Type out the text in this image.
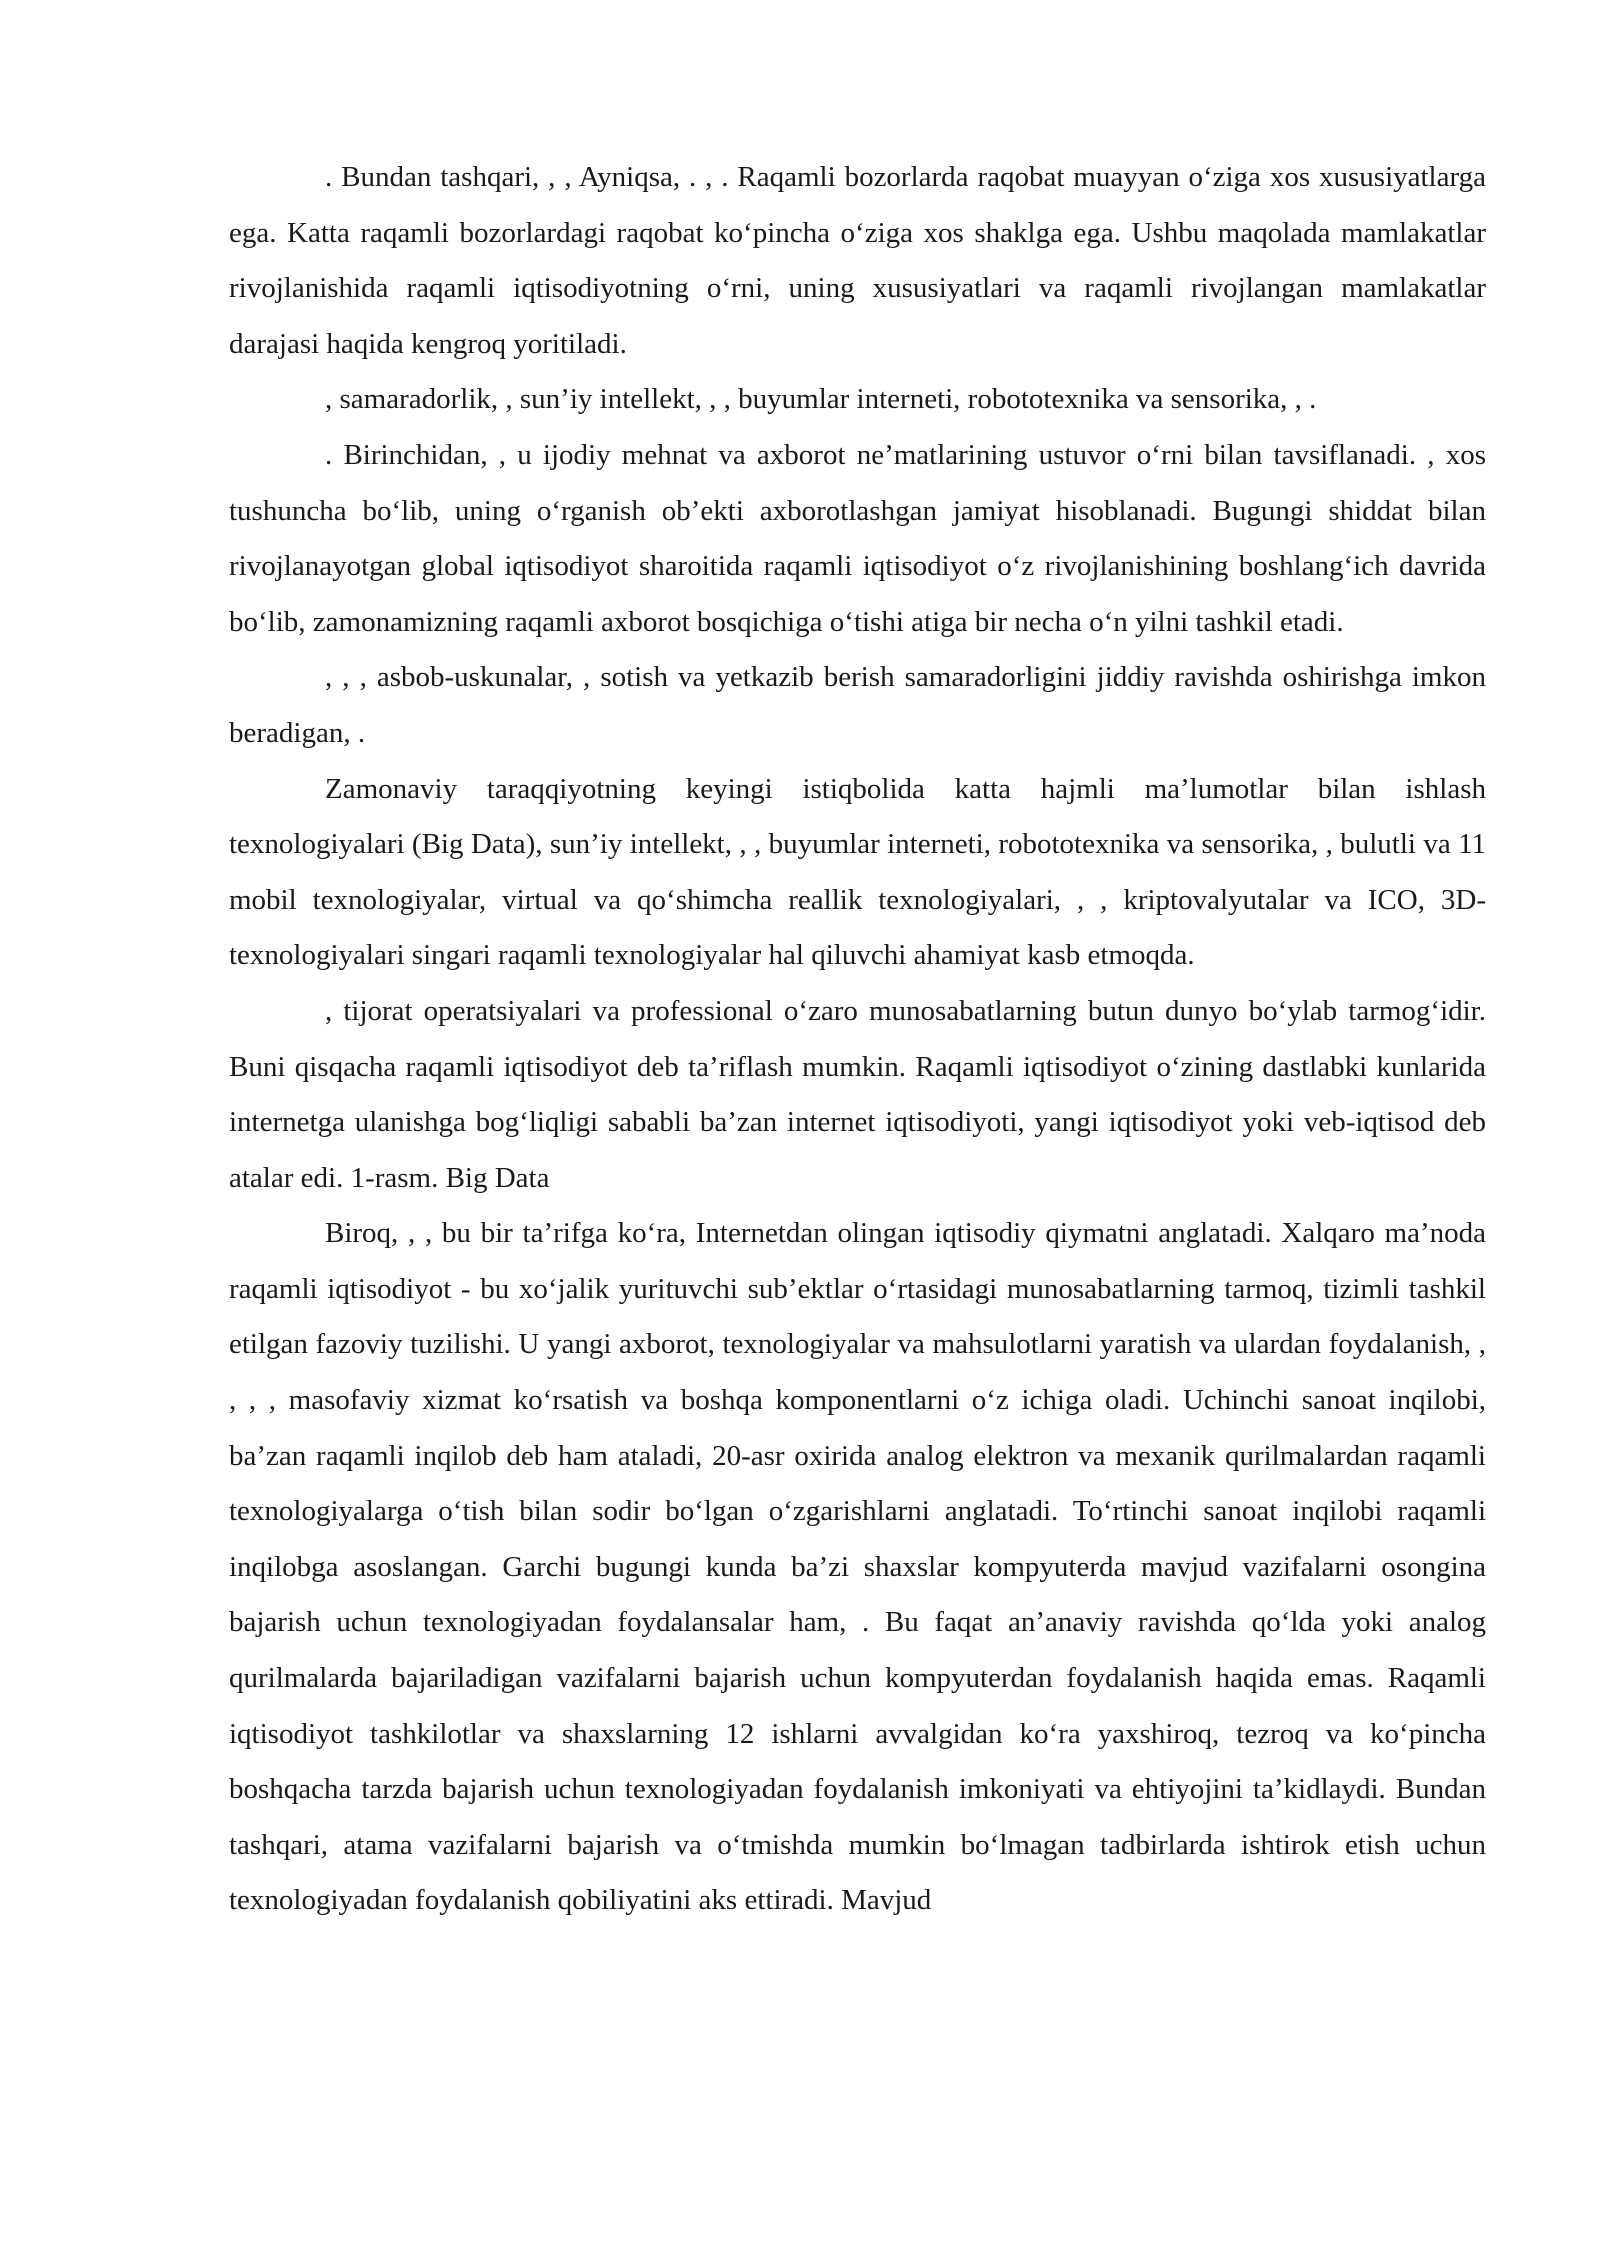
. Bundan tashqari, , , Ayniqsa, . , . Raqamli bozorlarda raqobat muayyan o‘ziga xos xususiyatlarga ega. Katta raqamli bozorlardagi raqobat ko‘pincha o‘ziga xos shaklga ega. Ushbu maqolada mamlakatlar rivojlanishida raqamli iqtisodiyotning o‘rni, uning xususiyatlari va raqamli rivojlangan mamlakatlar darajasi haqida kengroq yoritiladi.

, samaradorlik, , sun’iy intellekt, , , buyumlar interneti, robototexnika va sensorika, , .

. Birinchidan, , u ijodiy mehnat va axborot ne’matlarining ustuvor o‘rni bilan tavsiflanadi. , xos tushuncha bo‘lib, uning o‘rganish ob’ekti axborotlashgan jamiyat hisoblanadi. Bugungi shiddat bilan rivojlanayotgan global iqtisodiyot sharoitida raqamli iqtisodiyot o‘z rivojlanishining boshlang‘ich davrida bo‘lib, zamonamizning raqamli axborot bosqichiga o‘tishi atiga bir necha o‘n yilni tashkil etadi.

, , , asbob-uskunalar, , sotish va yetkazib berish samaradorligini jiddiy ravishda oshirishga imkon beradigan, .

Zamonaviy taraqqiyotning keyingi istiqbolida katta hajmli ma’lumotlar bilan ishlash texnologiyalari (Big Data), sun’iy intellekt, , , buyumlar interneti, robototexnika va sensorika, , bulutli va 11 mobil texnologiyalar, virtual va qo‘shimcha reallik texnologiyalari, , , kriptovalyutalar va ICO, 3D-texnologiyalari singari raqamli texnologiyalar hal qiluvchi ahamiyat kasb etmoqda.

, tijorat operatsiyalari va professional o‘zaro munosabatlarning butun dunyo bo‘ylab tarmog‘idir. Buni qisqacha raqamli iqtisodiyot deb ta’riflash mumkin. Raqamli iqtisodiyot o‘zining dastlabki kunlarida internetga ulanishga bog‘liqligi sababli ba’zan internet iqtisodiyoti, yangi iqtisodiyot yoki veb-iqtisod deb atalar edi. 1-rasm. Big Data

Biroq, , , bu bir ta’rifga ko‘ra, Internetdan olingan iqtisodiy qiymatni anglatadi. Xalqaro ma’noda raqamli iqtisodiyot - bu xo‘jalik yurituvchi sub’ektlar o‘rtasidagi munosabatlarning tarmoq, tizimli tashkil etilgan fazoviy tuzilishi. U yangi axborot, texnologiyalar va mahsulotlarni yaratish va ulardan foydalanish, , , , , masofaviy xizmat ko‘rsatish va boshqa komponentlarni o‘z ichiga oladi. Uchinchi sanoat inqilobi, ba’zan raqamli inqilob deb ham ataladi, 20-asr oxirida analog elektron va mexanik qurilmalardan raqamli texnologiyalarga o‘tish bilan sodir bo‘lgan o‘zgarishlarni anglatadi. To‘rtinchi sanoat inqilobi raqamli inqilobga asoslangan. Garchi bugungi kunda ba’zi shaxslar kompyuterda mavjud vazifalarni osongina bajarish uchun texnologiyadan foydalansalar ham, . Bu faqat an’anaviy ravishda qo‘lda yoki analog qurilmalarda bajariladigan vazifalarni bajarish uchun kompyuterdan foydalanish haqida emas. Raqamli iqtisodiyot tashkilotlar va shaxslarning 12 ishlarni avvalgidan ko‘ra yaxshiroq, tezroq va ko‘pincha boshqacha tarzda bajarish uchun texnologiyadan foydalanish imkoniyati va ehtiyojini ta’kidlaydi. Bundan tashqari, atama vazifalarni bajarish va o‘tmishda mumkin bo‘lmagan tadbirlarda ishtirok etish uchun texnologiyadan foydalanish qobiliyatini aks ettiradi. Mavjud
